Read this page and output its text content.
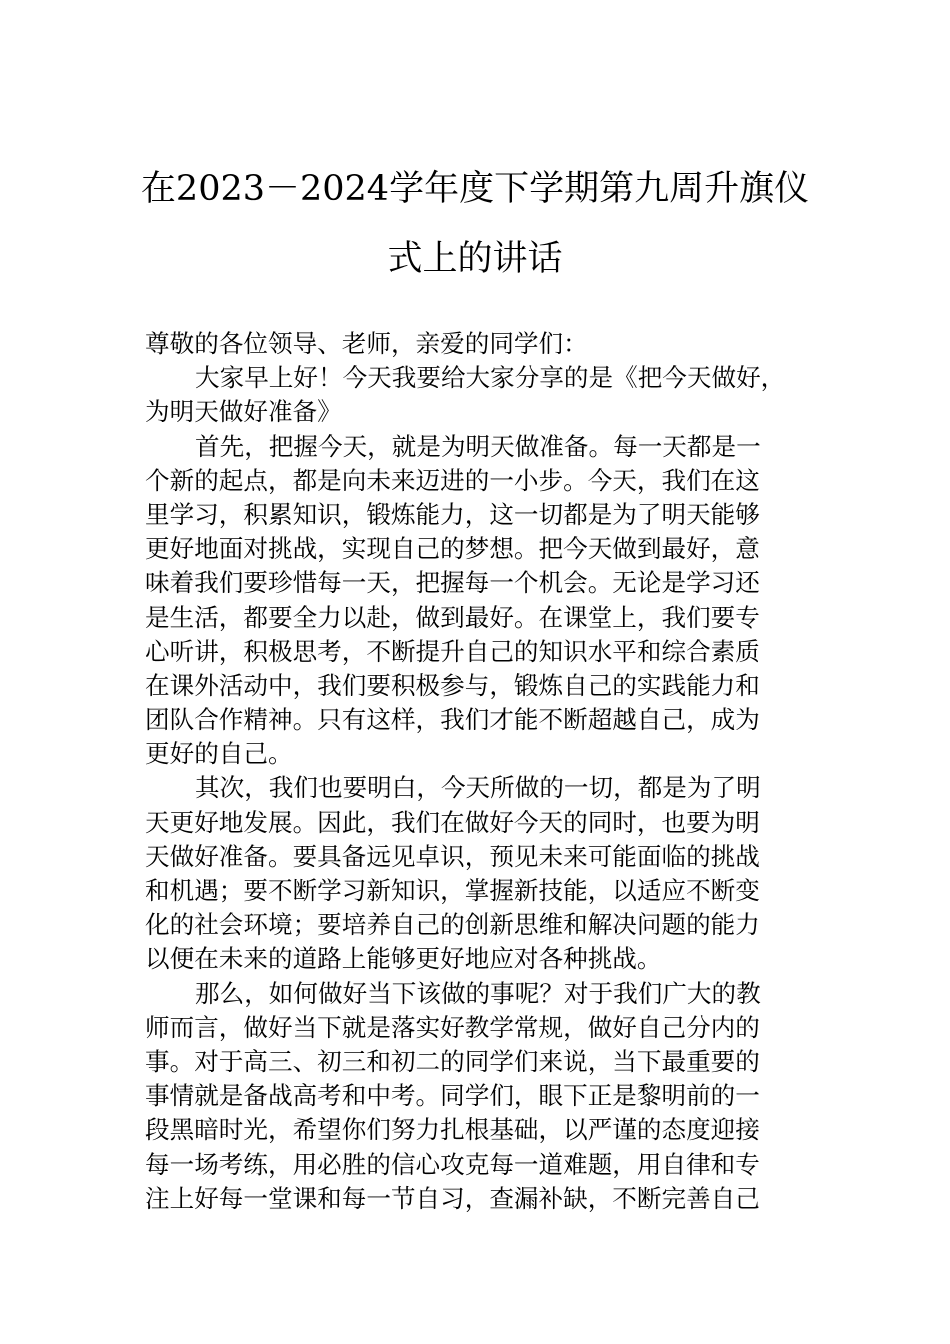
在2023－2024学年度下学期第九周升旗仪
式上的讲话
尊敬的各位领导、老师，亲爱的同学们：
大家早上好！今天我要给大家分享的是《把今天做好，
为明天做好准备》
首先，把握今天，就是为明天做准备。每一天都是一
个新的起点，都是向未来迈进的一小步。今天，我们在这
里学习，积累知识，锻炼能力，这一切都是为了明天能够
更好地面对挑战，实现自己的梦想。把今天做到最好，意
味着我们要珍惜每一天，把握每一个机会。无论是学习还
是生活，都要全力以赴，做到最好。在课堂上，我们要专
心听讲，积极思考，不断提升自己的知识水平和综合素质
在课外活动中，我们要积极参与，锻炼自己的实践能力和
团队合作精神。只有这样，我们才能不断超越自己，成为
更好的自己。
其次，我们也要明白，今天所做的一切，都是为了明
天更好地发展。因此，我们在做好今天的同时，也要为明
天做好准备。要具备远见卓识，预见未来可能面临的挑战
和机遇；要不断学习新知识，掌握新技能，以适应不断变
化的社会环境；要培养自己的创新思维和解决问题的能力
以便在未来的道路上能够更好地应对各种挑战。
那么，如何做好当下该做的事呢？对于我们广大的教
师而言，做好当下就是落实好教学常规，做好自己分内的
事。对于高三、初三和初二的同学们来说，当下最重要的
事情就是备战高考和中考。同学们，眼下正是黎明前的一
段黑暗时光，希望你们努力扎根基础，以严谨的态度迎接
每一场考练，用必胜的信心攻克每一道难题，用自律和专
注上好每一堂课和每一节自习，查漏补缺，不断完善自己
